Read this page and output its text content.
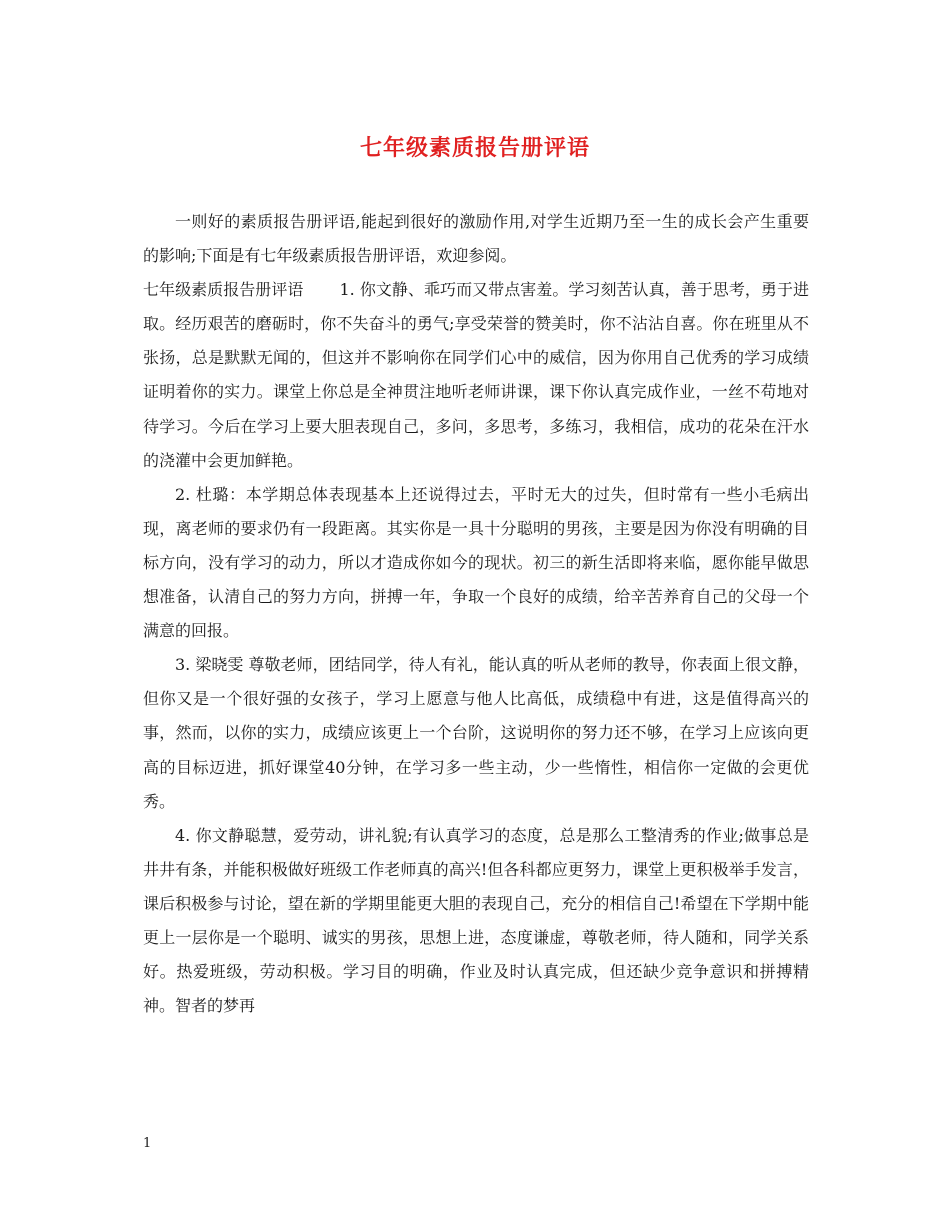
七年级素质报告册评语

一则好的素质报告册评语,能起到很好的激励作用,对学生近期乃至一生的成长会产生重要的影响;下面是有七年级素质报告册评语，欢迎参阅。

七年级素质报告册评语 1. 你文静、乖巧而又带点害羞。学习刻苦认真，善于思考，勇于进取。经历艰苦的磨砺时，你不失奋斗的勇气;享受荣誉的赞美时，你不沾沾自喜。你在班里从不张扬，总是默默无闻的，但这并不影响你在同学们心中的威信，因为你用自己优秀的学习成绩证明着你的实力。课堂上你总是全神贯注地听老师讲课，课下你认真完成作业，一丝不苟地对待学习。今后在学习上要大胆表现自己，多问，多思考，多练习，我相信，成功的花朵在汗水的浇灌中会更加鲜艳。

2. 杜璐：本学期总体表现基本上还说得过去，平时无大的过失，但时常有一些小毛病出现，离老师的要求仍有一段距离。其实你是一具十分聪明的男孩，主要是因为你没有明确的目标方向，没有学习的动力，所以才造成你如今的现状。初三的新生活即将来临，愿你能早做思想准备，认清自己的努力方向，拼搏一年，争取一个良好的成绩，给辛苦养育自己的父母一个满意的回报。

3. 梁晓雯 尊敬老师，团结同学，待人有礼，能认真的听从老师的教导，你表面上很文静，但你又是一个很好强的女孩子，学习上愿意与他人比高低，成绩稳中有进，这是值得高兴的事，然而，以你的实力，成绩应该更上一个台阶，这说明你的努力还不够，在学习上应该向更高的目标迈进，抓好课堂40分钟，在学习多一些主动，少一些惰性，相信你一定做的会更优秀。

4. 你文静聪慧，爱劳动，讲礼貌;有认真学习的态度，总是那么工整清秀的作业;做事总是井井有条，并能积极做好班级工作老师真的高兴!但各科都应更努力，课堂上更积极举手发言，课后积极参与讨论，望在新的学期里能更大胆的表现自己，充分的相信自己!希望在下学期中能更上一层你是一个聪明、诚实的男孩，思想上进，态度谦虚，尊敬老师，待人随和，同学关系好。热爱班级，劳动积极。学习目的明确，作业及时认真完成，但还缺少竞争意识和拼搏精神。智者的梦再

1
